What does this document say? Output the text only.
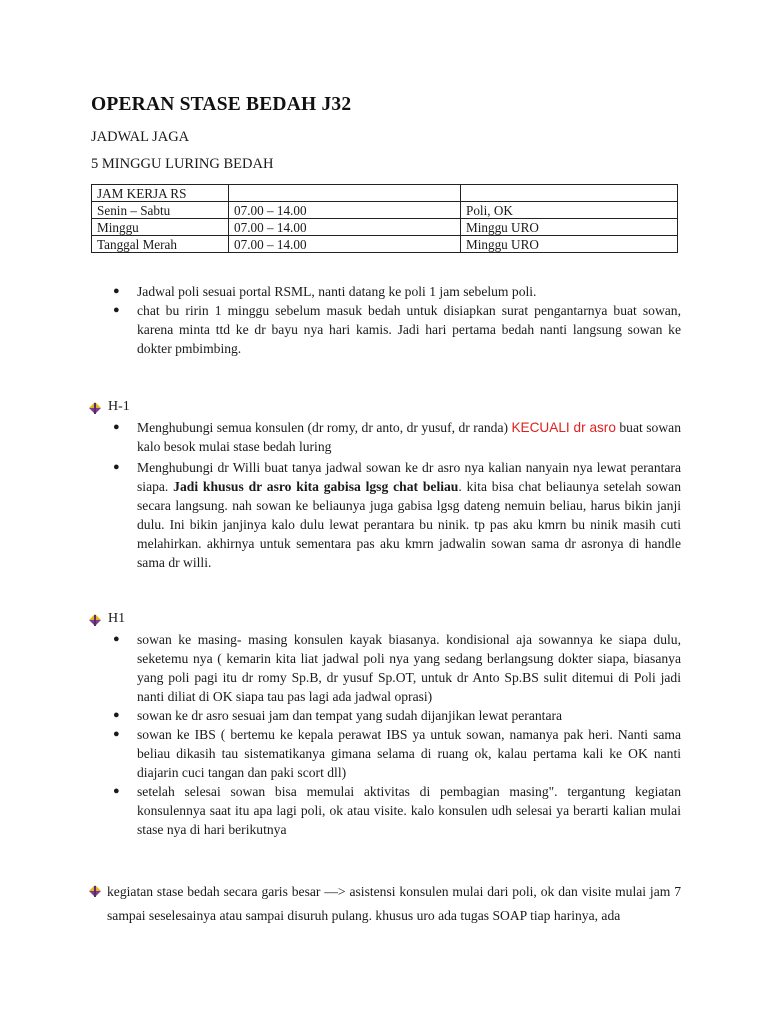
OPERAN STASE BEDAH J32
JADWAL JAGA
5 MINGGU LURING BEDAH
JAM KERJA RS		
Senin – Sabtu	07.00 – 14.00	Poli, OK
Minggu	07.00 – 14.00	Minggu URO
Tanggal Merah	07.00 – 14.00	Minggu URO
●	Jadwal poli sesuai portal RSML, nanti datang ke poli 1 jam sebelum poli.
●	chat bu ririn 1 minggu sebelum masuk bedah untuk disiapkan surat pengantarnya buat sowan, karena minta ttd ke dr bayu nya hari kamis. Jadi hari pertama bedah nanti langsung sowan ke dokter pmbimbing.
H-1
●	Menghubungi semua konsulen (dr romy, dr anto, dr yusuf, dr randa) KECUALI dr asro buat sowan kalo besok mulai stase bedah luring
●	Menghubungi dr Willi buat tanya jadwal sowan ke dr asro nya kalian nanyain nya lewat perantara siapa. Jadi khusus dr asro kita gabisa lgsg chat beliau. kita bisa chat beliaunya setelah sowan secara langsung. nah sowan ke beliaunya juga gabisa lgsg dateng nemuin beliau, harus bikin janji dulu. Ini bikin janjinya kalo dulu lewat perantara bu ninik. tp pas aku kmrn bu ninik masih cuti melahirkan. akhirnya untuk sementara pas aku kmrn jadwalin sowan sama dr asronya di handle sama dr willi.
H1
●	sowan ke masing- masing konsulen kayak biasanya. kondisional aja sowannya ke siapa dulu, seketemu nya ( kemarin kita liat jadwal poli nya yang sedang berlangsung dokter siapa, biasanya yang poli pagi itu dr romy Sp.B, dr yusuf Sp.OT, untuk dr Anto Sp.BS sulit ditemui di Poli jadi nanti diliat di OK siapa tau pas lagi ada jadwal oprasi)
●	sowan ke dr asro sesuai jam dan tempat yang sudah dijanjikan lewat perantara
●	sowan ke IBS ( bertemu ke kepala perawat IBS ya untuk sowan, namanya pak heri. Nanti sama beliau dikasih tau sistematikanya gimana selama di ruang ok, kalau pertama kali ke OK nanti diajarin cuci tangan dan paki scort dll)
●	setelah selesai sowan bisa memulai aktivitas di pembagian masing". tergantung kegiatan konsulennya saat itu apa lagi poli, ok atau visite. kalo konsulen udh selesai ya berarti kalian mulai stase nya di hari berikutnya
kegiatan stase bedah secara garis besar —> asistensi konsulen mulai dari poli, ok dan visite mulai jam 7 sampai seselesainya atau sampai disuruh pulang. khusus uro ada tugas SOAP tiap harinya, ada
